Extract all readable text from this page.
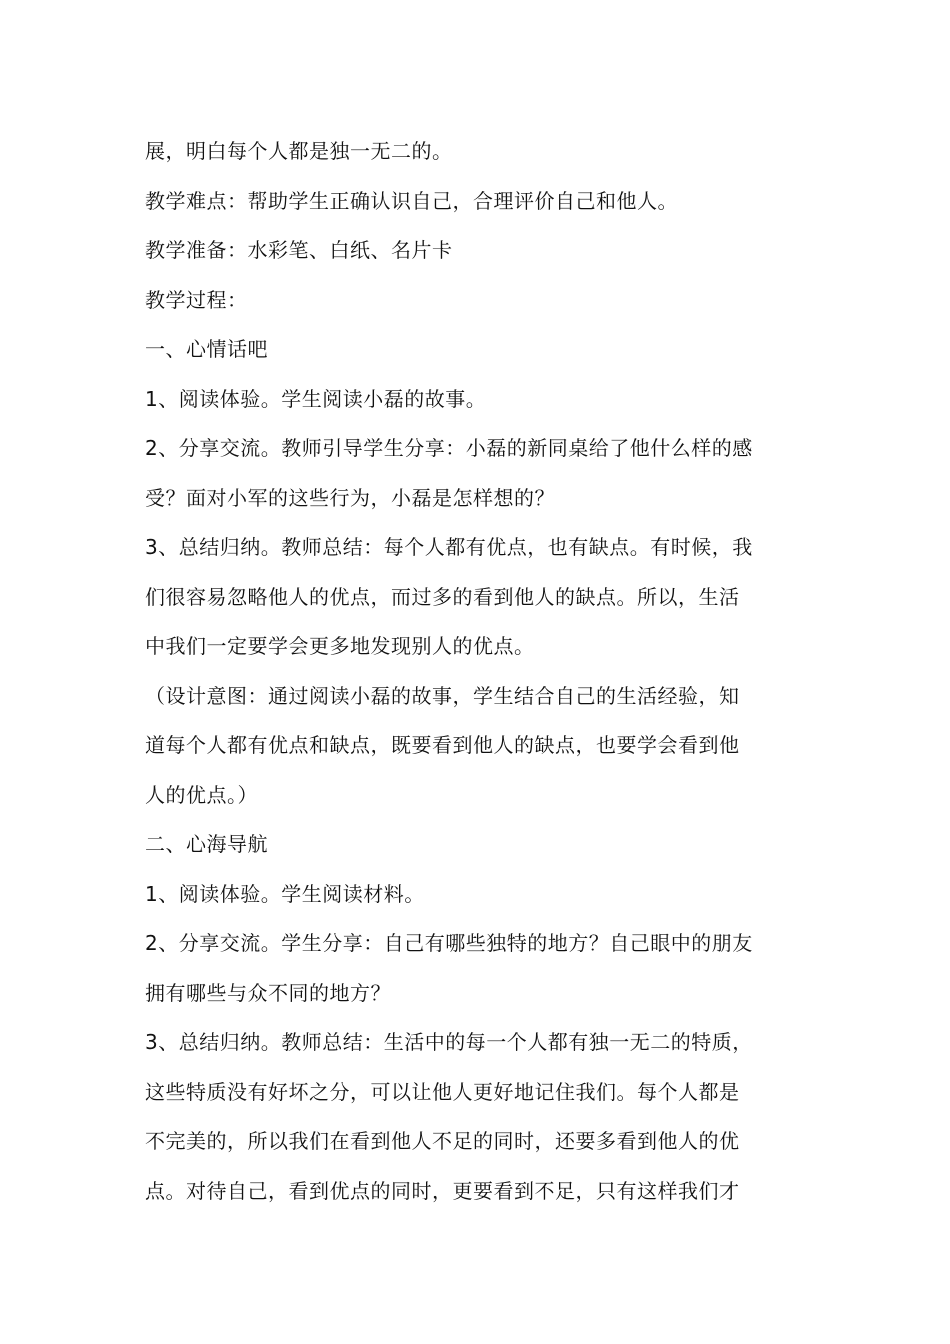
展，明白每个人都是独一无二的。
教学难点：帮助学生正确认识自己，合理评价自己和他人。
教学准备：水彩笔、白纸、名片卡
教学过程：
一、心情话吧
1、阅读体验。学生阅读小磊的故事。
2、分享交流。教师引导学生分享：小磊的新同桌给了他什么样的感
受？面对小军的这些行为，小磊是怎样想的？
3、总结归纳。教师总结：每个人都有优点，也有缺点。有时候，我
们很容易忽略他人的优点，而过多的看到他人的缺点。所以，生活
中我们一定要学会更多地发现别人的优点。
（设计意图：通过阅读小磊的故事，学生结合自己的生活经验，知
道每个人都有优点和缺点，既要看到他人的缺点，也要学会看到他
人的优点。）
二、心海导航
1、阅读体验。学生阅读材料。
2、分享交流。学生分享：自己有哪些独特的地方？自己眼中的朋友
拥有哪些与众不同的地方？
3、总结归纳。教师总结：生活中的每一个人都有独一无二的特质，
这些特质没有好坏之分，可以让他人更好地记住我们。每个人都是
不完美的，所以我们在看到他人不足的同时，还要多看到他人的优
点。对待自己，看到优点的同时，更要看到不足，只有这样我们才
